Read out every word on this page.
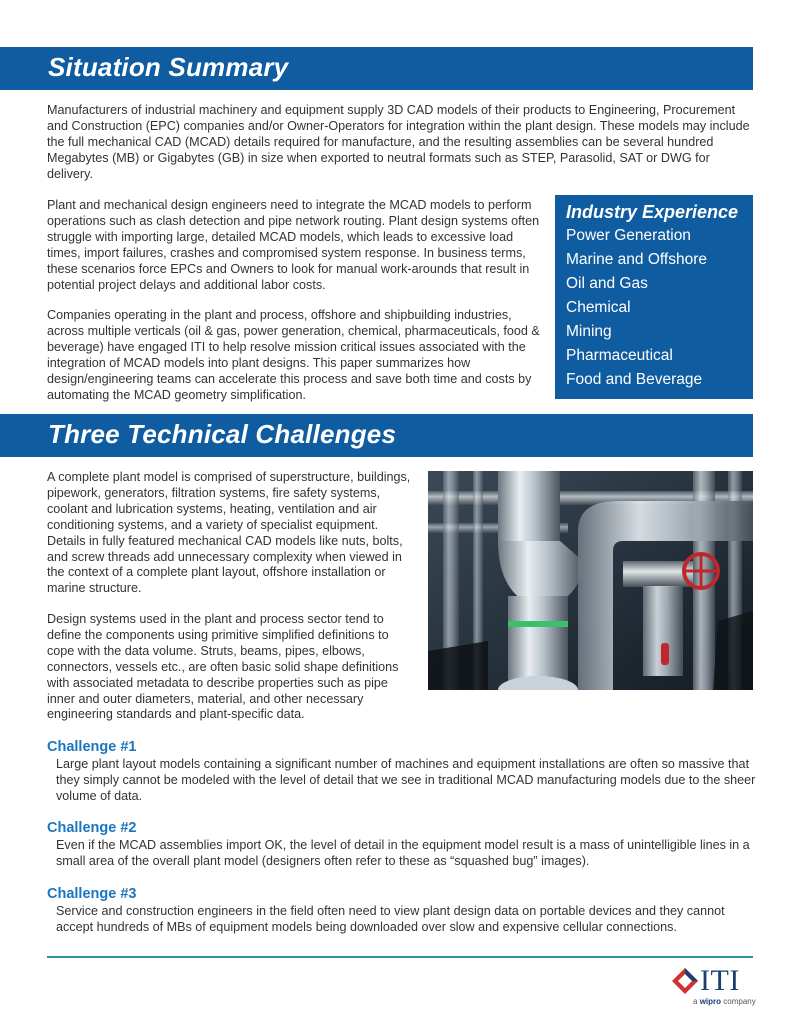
Situation Summary

Manufacturers of industrial machinery and equipment supply 3D CAD models of their products to Engineering, Procurement and Construction (EPC) companies and/or Owner-Operators for integration within the plant design. These models may include the full mechanical CAD (MCAD) details required for manufacture, and the resulting assemblies can be several hundred Megabytes (MB) or Gigabytes (GB) in size when exported to neutral formats such as STEP, Parasolid, SAT or DWG for delivery.

Plant and mechanical design engineers need to integrate the MCAD models to perform operations such as clash detection and pipe network routing. Plant design systems often struggle with importing large, detailed MCAD models, which leads to excessive load times, import failures, crashes and compromised system response. In business terms, these scenarios force EPCs and Owners to look for manual work-arounds that result in potential project delays and additional labor costs.

Companies operating in the plant and process, offshore and shipbuilding industries, across multiple verticals (oil & gas, power generation, chemical, pharmaceuticals, food & beverage) have engaged ITI to help resolve mission critical issues associated with the integration of MCAD models into plant designs. This paper summarizes how design/engineering teams can accelerate this process and save both time and costs by automating the MCAD geometry simplification.

Industry Experience
Power Generation
Marine and Offshore
Oil and Gas
Chemical
Mining
Pharmaceutical
Food and Beverage
Three Technical Challenges

A complete plant model is comprised of superstructure, buildings, pipework, generators, filtration systems, fire safety systems, coolant and lubrication systems, heating, ventilation and air conditioning systems, and a variety of specialist equipment. Details in fully featured mechanical CAD models like nuts, bolts, and screw threads add unnecessary complexity when viewed in the context of a complete plant layout, offshore installation or marine structure.

Design systems used in the plant and process sector tend to define the components using primitive simplified definitions to cope with the data volume. Struts, beams, pipes, elbows, connectors, vessels etc., are often basic solid shape definitions with associated metadata to describe properties such as pipe inner and outer diameters, material, and other necessary engineering standards and plant-specific data.

Challenge #1

Large plant layout models containing a significant number of machines and equipment installations are often so massive that they simply cannot be modeled with the level of detail that we see in traditional MCAD manufacturing models due to the sheer volume of data.

Challenge #2

Even if the MCAD assemblies import OK, the level of detail in the equipment model result is a mass of unintelligible lines in a small area of the overall plant model (designers often refer to these as “squashed bug” images).

Challenge #3

Service and construction engineers in the field often need to view plant design data on portable devices and they cannot accept hundreds of MBs of equipment models being downloaded over slow and expensive cellular connections.

ITI
a wipro company
